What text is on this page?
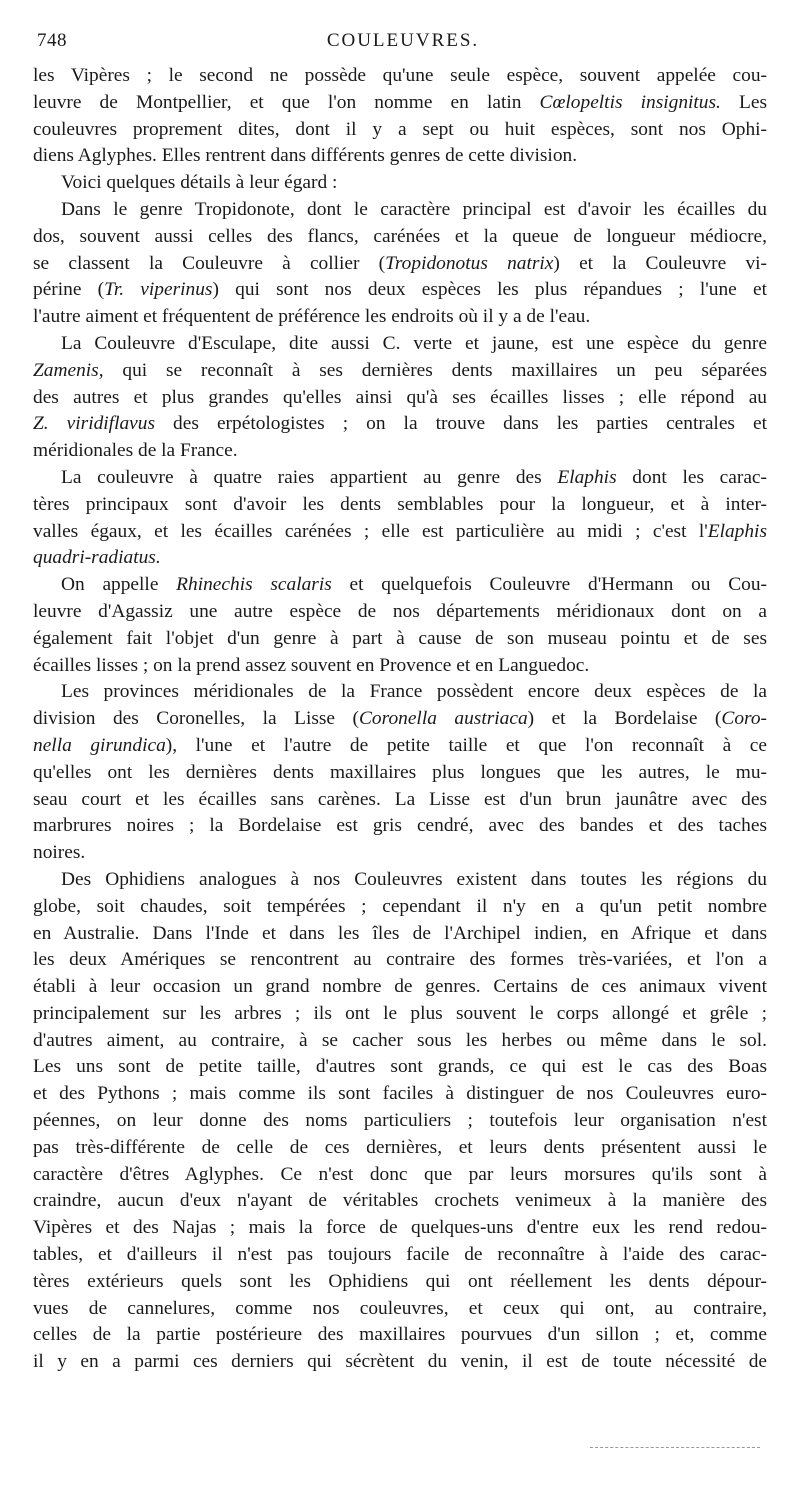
748	COULEUVRES.
les Vipères ; le second ne possède qu'une seule espèce, souvent appelée cou-
leuvre de Montpellier, et que l'on nomme en latin Cœlopeltis insignitus. Les
couleuvres proprement dites, dont il y a sept ou huit espèces, sont nos Ophi-
diens Aglyphes. Elles rentrent dans différents genres de cette division.
Voici quelques détails à leur égard :
Dans le genre Tropidonote, dont le caractère principal est d'avoir les écailles du
dos, souvent aussi celles des flancs, carénées et la queue de longueur médiocre,
se classent la Couleuvre à collier (Tropidonotus natrix) et la Couleuvre vi-
périne (Tr. viperinus) qui sont nos deux espèces les plus répandues ; l'une et
l'autre aiment et fréquentent de préférence les endroits où il y a de l'eau.
La Couleuvre d'Esculape, dite aussi C. verte et jaune, est une espèce du genre
Zamenis, qui se reconnaît à ses dernières dents maxillaires un peu séparées
des autres et plus grandes qu'elles ainsi qu'à ses écailles lisses ; elle répond au
Z. viridiflavus des erpétologistes ; on la trouve dans les parties centrales et
méridionales de la France.
La couleuvre à quatre raies appartient au genre des Elaphis dont les carac-
tères principaux sont d'avoir les dents semblables pour la longueur, et à inter-
valles égaux, et les écailles carénées ; elle est particulière au midi ; c'est l'Elaphis
quadri-radiatus.
On appelle Rhinechis scalaris et quelquefois Couleuvre d'Hermann ou Cou-
leuvre d'Agassiz une autre espèce de nos départements méridionaux dont on a
également fait l'objet d'un genre à part à cause de son museau pointu et de ses
écailles lisses ; on la prend assez souvent en Provence et en Languedoc.
Les provinces méridionales de la France possèdent encore deux espèces de la
division des Coronelles, la Lisse (Coronella austriaca) et la Bordelaise (Coro-
nella girundica), l'une et l'autre de petite taille et que l'on reconnaît à ce
qu'elles ont les dernières dents maxillaires plus longues que les autres, le mu-
seau court et les écailles sans carènes. La Lisse est d'un brun jaunâtre avec des
marbrures noires ; la Bordelaise est gris cendré, avec des bandes et des taches
noires.
Des Ophidiens analogues à nos Couleuvres existent dans toutes les régions du
globe, soit chaudes, soit tempérées ; cependant il n'y en a qu'un petit nombre
en Australie. Dans l'Inde et dans les îles de l'Archipel indien, en Afrique et dans
les deux Amériques se rencontrent au contraire des formes très-variées, et l'on a
établi à leur occasion un grand nombre de genres. Certains de ces animaux vivent
principalement sur les arbres ; ils ont le plus souvent le corps allongé et grêle ;
d'autres aiment, au contraire, à se cacher sous les herbes ou même dans le sol.
Les uns sont de petite taille, d'autres sont grands, ce qui est le cas des Boas
et des Pythons ; mais comme ils sont faciles à distinguer de nos Couleuvres euro-
péennes, on leur donne des noms particuliers ; toutefois leur organisation n'est
pas très-différente de celle de ces dernières, et leurs dents présentent aussi le
caractère d'êtres Aglyphes. Ce n'est donc que par leurs morsures qu'ils sont à
craindre, aucun d'eux n'ayant de véritables crochets venimeux à la manière des
Vipères et des Najas ; mais la force de quelques-uns d'entre eux les rend redou-
tables, et d'ailleurs il n'est pas toujours facile de reconnaître à l'aide des carac-
tères extérieurs quels sont les Ophidiens qui ont réellement les dents dépour-
vues de cannelures, comme nos couleuvres, et ceux qui ont, au contraire,
celles de la partie postérieure des maxillaires pourvues d'un sillon ; et, comme
il y en a parmi ces derniers qui sécrètent du venin, il est de toute nécessité de
